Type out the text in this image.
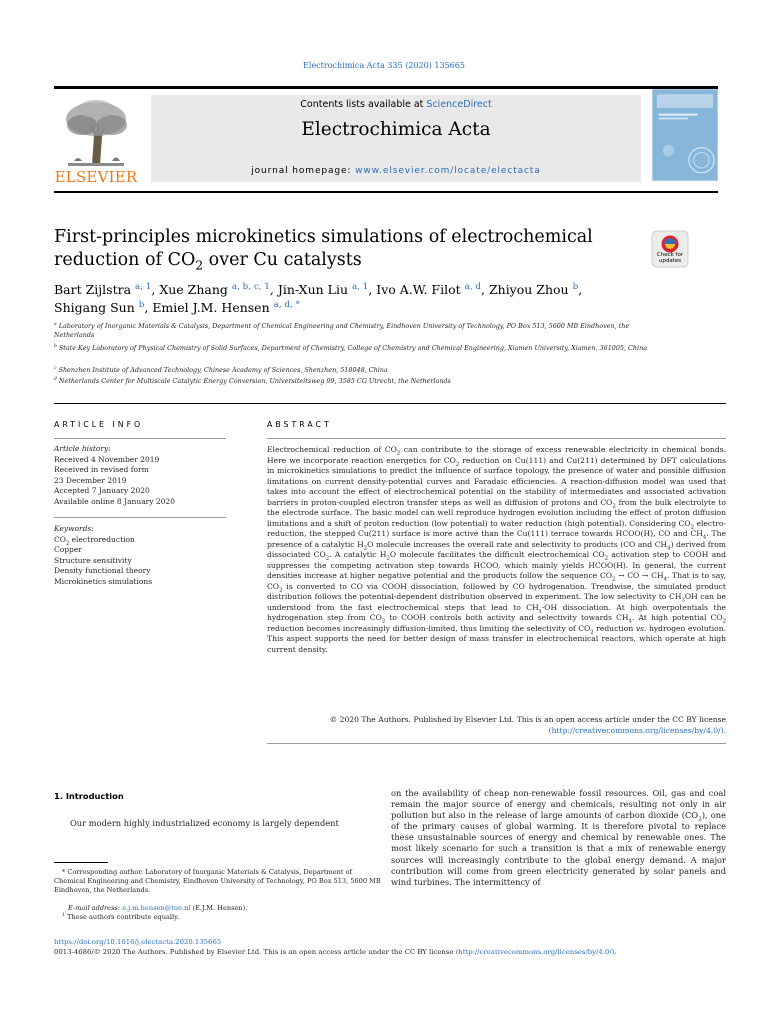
Electrochimica Acta 335 (2020) 135665
ELSEVIER
Contents lists available at ScienceDirect
Electrochimica Acta
journal homepage: www.elsevier.com/locate/electacta
First-principles microkinetics simulations of electrochemical
reduction of $CO_2$ over Cu catalysts	Check for updates
Bart Zijlstra $^{a, 1}$, Xue Zhang $^{a, b, c, 1}$, Jin-Xun Liu $^{a, 1}$, Ivo A.W. Filot $^{a, d}$, Zhiyou Zhou $^b$,
Shigang Sun $^b$, Emiel J.M. Hensen $^{a, d, *}$
$^a$ Laboratory of Inorganic Materials & Catalysis, Department of Chemical Engineering and Chemistry, Eindhoven University of Technology, PO Box 513, 5600 MB Eindhoven, the Netherlands
$^b$ State Key Laboratory of Physical Chemistry of Solid Surfaces, Department of Chemistry, College of Chemistry and Chemical Engineering, Xiamen University, Xiamen, 361005, China
$^c$ Shenzhen Institute of Advanced Technology, Chinese Academy of Sciences, Shenzhen, 518048, China
$^d$ Netherlands Center for Multiscale Catalytic Energy Conversion, Universiteitsweg 99, 3585 CG Utrecht, the Netherlands
ARTICLE INFO	ABSTRACT
Article history:
Received 4 November 2019
Received in revised form
23 December 2019
Accepted 7 January 2020
Available online 8 January 2020
Keywords:
$CO_2$ electroreduction
Copper
Structure sensitivity
Density functional theory
Microkinetics simulations
Electrochemical reduction of $CO_2$ can contribute to the storage of excess renewable electricity in chemical bonds. Here we incorporate reaction energetics for $CO_2$ reduction on Cu(111) and Cu(211) determined by DFT calculations in microkinetics simulations to predict the influence of surface topology, the presence of water and possible diffusion limitations on current density-potential curves and Faradaic efficiencies. A reaction-diffusion model was used that takes into account the effect of electrochemical potential on the stability of intermediates and associated activation barriers in proton-coupled electron transfer steps as well as diffusion of protons and $CO_2$ from the bulk electrolyte to the electrode surface. The basic model can well reproduce hydrogen evolution including the effect of proton diffusion limitations and a shift of proton reduction (low potential) to water reduction (high potential). Considering $CO_2$ electro-reduction, the stepped Cu(211) surface is more active than the Cu(111) terrace towards HCOO(H), CO and $CH_4$. The presence of a catalytic $H_2O$ molecule increases the overall rate and selectivity to products (CO and $CH_4$) derived from dissociated $CO_2$. A catalytic $H_2O$ molecule facilitates the difficult electrochemical $CO_2$ activation step to COOH and suppresses the competing activation step towards HCOO, which mainly yields HCOO(H). In general, the current densities increase at higher negative potential and the products follow the sequence $CO_2$ → CO → $CH_4$. That is to say, $CO_2$ is converted to CO via COOH dissociation, followed by CO hydrogenation. Trendwise, the simulated product distribution follows the potential-dependent distribution observed in experiment. The low selectivity to $CH_3OH$ can be understood from the fast electrochemical steps that lead to $CH_x-OH$ dissociation. At high overpotentials the hydrogenation step from $CO_2$ to COOH controls both activity and selectivity towards $CH_4$. At high potential $CO_2$ reduction becomes increasingly diffusion-limited, thus limiting the selectivity of $CO_2$ reduction vs. hydrogen evolution. This aspect supports the need for better design of mass transfer in electrochemical reactors, which operate at high current density.
© 2020 The Authors. Published by Elsevier Ltd. This is an open access article under the CC BY license
(http://creativecommons.org/licenses/by/4.0/).
1. Introduction
Our modern highly industrialized economy is largely dependent
on the availability of cheap non-renewable fossil resources. Oil, gas and coal remain the major source of energy and chemicals, resulting not only in air pollution but also in the release of large amounts of carbon dioxide $(CO_2)$, one of the primary causes of global warming. It is therefore pivotal to replace these unsustainable sources of energy and chemical by renewable ones. The most likely scenario for such a transition is that a mix of renewable energy sources will increasingly contribute to the global energy demand. A major contribution will come from green electricity generated by solar panels and wind turbines. The intermittency of
* Corresponding author. Laboratory of Inorganic Materials & Catalysis, Department of Chemical Engineering and Chemistry, Eindhoven University of Technology, PO Box 513, 5600 MB Eindhoven, the Netherlands.
E-mail address: e.j.m.hensen@tue.nl (E.J.M. Hensen).
$^1$ These authors contribute equally.
https://doi.org/10.1016/j.electacta.2020.135665
0013-4686/© 2020 The Authors. Published by Elsevier Ltd. This is an open access article under the CC BY license (http://creativecommons.org/licenses/by/4.0/).
